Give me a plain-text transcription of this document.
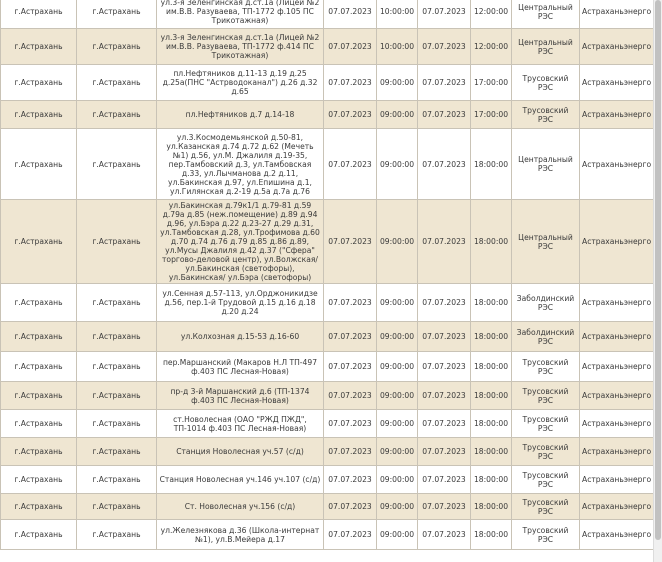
г.Астрахань	г.Астрахань	ул.3-я Зеленгинская д.ст.1а (Лицей №2 им.В.В. Разуваева, ТП-1772 ф.105 ПС Трикотажная)	07.07.2023	10:00:00	07.07.2023	12:00:00	Центральный РЭС	Астраханьэнерго
г.Астрахань	г.Астрахань	ул.3-я Зеленгинская д.ст.1а (Лицей №2 им.В.В. Разуваева, ТП-1772 ф.414 ПС Трикотажная)	07.07.2023	10:00:00	07.07.2023	12:00:00	Центральный РЭС	Астраханьэнерго
г.Астрахань	г.Астрахань	пл.Нефтяников д.11-13 д.19 д.25 д.25а(ПНС "Астрводоканал") д.26 д.32 д.65	07.07.2023	09:00:00	07.07.2023	17:00:00	Трусовский РЭС	Астраханьэнерго
г.Астрахань	г.Астрахань	пл.Нефтяников д.7 д.14-18	07.07.2023	09:00:00	07.07.2023	17:00:00	Трусовский РЭС	Астраханьэнерго
г.Астрахань	г.Астрахань	ул.3.Космодемьянской д.50-81, ул.Казанская д.74 д.72 д.62 (Мечеть №1) д.56, ул.М. Джалиля д.19-35, пер.Тамбовский д.3, ул.Тамбовская д.33, ул.Лычманова д.2 д.11, ул.Бакинская д.97, ул.Епишина д.1, ул.Гилянская д.2-19 д.5а д.7а д.76	07.07.2023	09:00:00	07.07.2023	18:00:00	Центральный РЭС	Астраханьэнерго
г.Астрахань	г.Астрахань	ул.Бакинская д.79к1/1 д.79-81 д.59 д.79а д.85 (неж.помещение) д.89 д.94 д.96, ул.Бэра д.22 д.23-27 д.29 д.31, ул.Тамбовская д.28, ул.Трофимова д.60 д.70 д.74 д.76 д.79 д.85 д.86 д.89, ул.Мусы Джалиля д.42 д.37 ("Сфера" торгово-деловой центр), ул.Волжская/ ул.Бакинская (светофоры), ул.Бакинская/ ул.Бэра (светофоры)	07.07.2023	09:00:00	07.07.2023	18:00:00	Центральный РЭС	Астраханьэнерго
г.Астрахань	г.Астрахань	ул.Сенная д.57-113, ул.Орджоникидзе д.56, пер.1-й Трудовой д.15 д.16 д.18 д.20 д.24	07.07.2023	09:00:00	07.07.2023	18:00:00	Заболдинский РЭС	Астраханьэнерго
г.Астрахань	г.Астрахань	ул.Колхозная д.15-53 д.16-60	07.07.2023	09:00:00	07.07.2023	18:00:00	Заболдинский РЭС	Астраханьэнерго
г.Астрахань	г.Астрахань	пер.Маршанский (Макаров Н.Л ТП-497 ф.403 ПС Лесная-Новая)	07.07.2023	09:00:00	07.07.2023	18:00:00	Трусовский РЭС	Астраханьэнерго
г.Астрахань	г.Астрахань	пр-д 3-й Маршанский д.6 (ТП-1374 ф.403 ПС Лесная-Новая)	07.07.2023	09:00:00	07.07.2023	18:00:00	Трусовский РЭС	Астраханьэнерго
г.Астрахань	г.Астрахань	ст.Новолесная (ОАО "РЖД ПЖД", ТП-1014 ф.403 ПС Лесная-Новая)	07.07.2023	09:00:00	07.07.2023	18:00:00	Трусовский РЭС	Астраханьэнерго
г.Астрахань	г.Астрахань	Станция Новолесная уч.57 (с/д)	07.07.2023	09:00:00	07.07.2023	18:00:00	Трусовский РЭС	Астраханьэнерго
г.Астрахань	г.Астрахань	Станция Новолесная уч.146 уч.107 (с/д)	07.07.2023	09:00:00	07.07.2023	18:00:00	Трусовский РЭС	Астраханьэнерго
г.Астрахань	г.Астрахань	Ст. Новолесная уч.156 (с/д)	07.07.2023	09:00:00	07.07.2023	18:00:00	Трусовский РЭС	Астраханьэнерго
г.Астрахань	г.Астрахань	ул.Железнякова д.36 (Школа-интернат №1), ул.В.Мейера д.17	07.07.2023	09:00:00	07.07.2023	18:00:00	Трусовский РЭС	Астраханьэнерго
